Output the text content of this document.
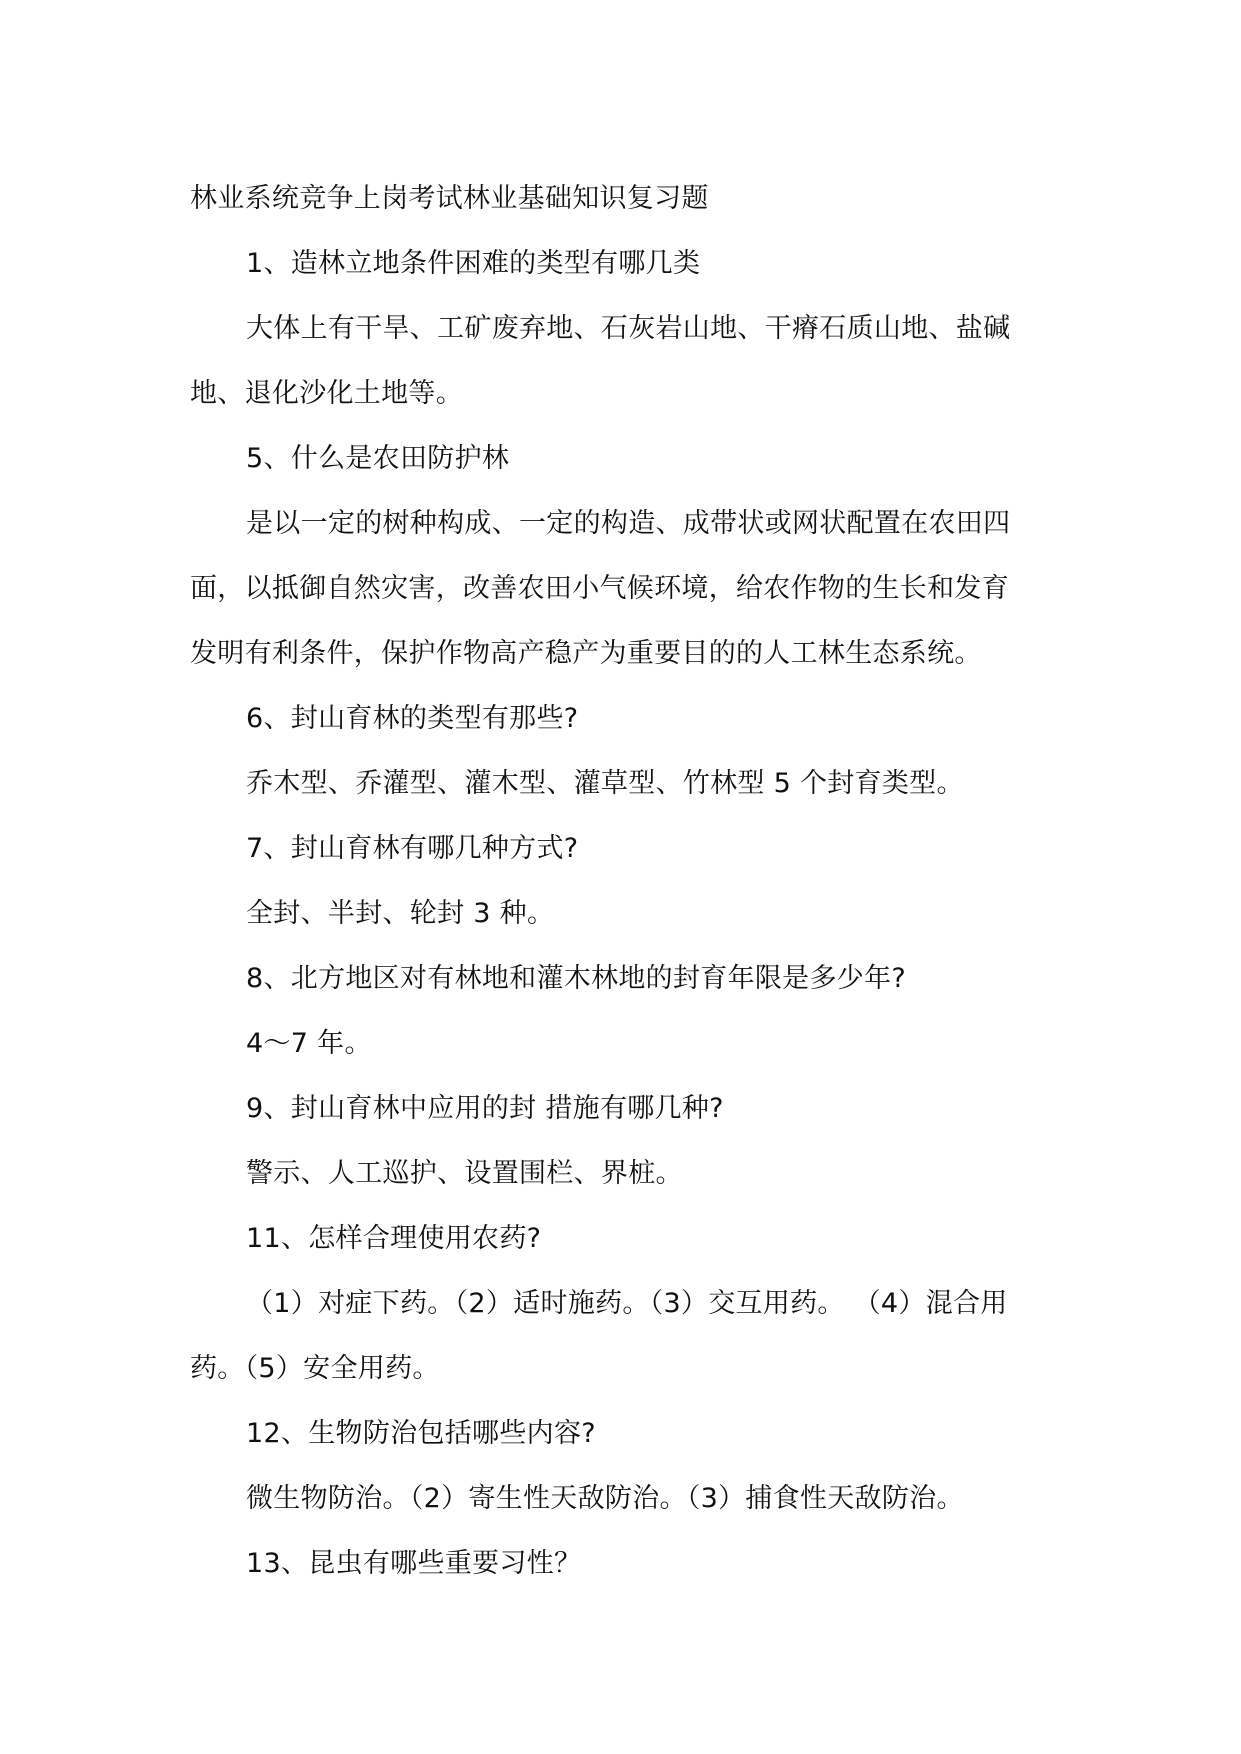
林业系统竞争上岗考试林业基础知识复习题

1、造林立地条件困难的类型有哪几类

大体上有干旱、工矿废弃地、石灰岩山地、干瘠石质山地、盐碱

地、退化沙化土地等。

5、什么是农田防护林

是以一定的树种构成、一定的构造、成带状或网状配置在农田四

面，以抵御自然灾害，改善农田小气候环境，给农作物的生长和发育

发明有利条件，保护作物高产稳产为重要目的的人工林生态系统。

6、封山育林的类型有那些?

乔木型、乔灌型、灌木型、灌草型、竹林型 5 个封育类型。

7、封山育林有哪几种方式?

全封、半封、轮封 3 种。

8、北方地区对有林地和灌木林地的封育年限是多少年?

4～7 年。

9、封山育林中应用的封 措施有哪几种?

警示、人工巡护、设置围栏、界桩。

11、怎样合理使用农药?

（1）对症下药。（2）适时施药。（3）交互用药。 （4）混合用

药。（5）安全用药。

12、生物防治包括哪些内容?

微生物防治。（2）寄生性天敌防治。（3）捕食性天敌防治。

13、昆虫有哪些重要习性？
